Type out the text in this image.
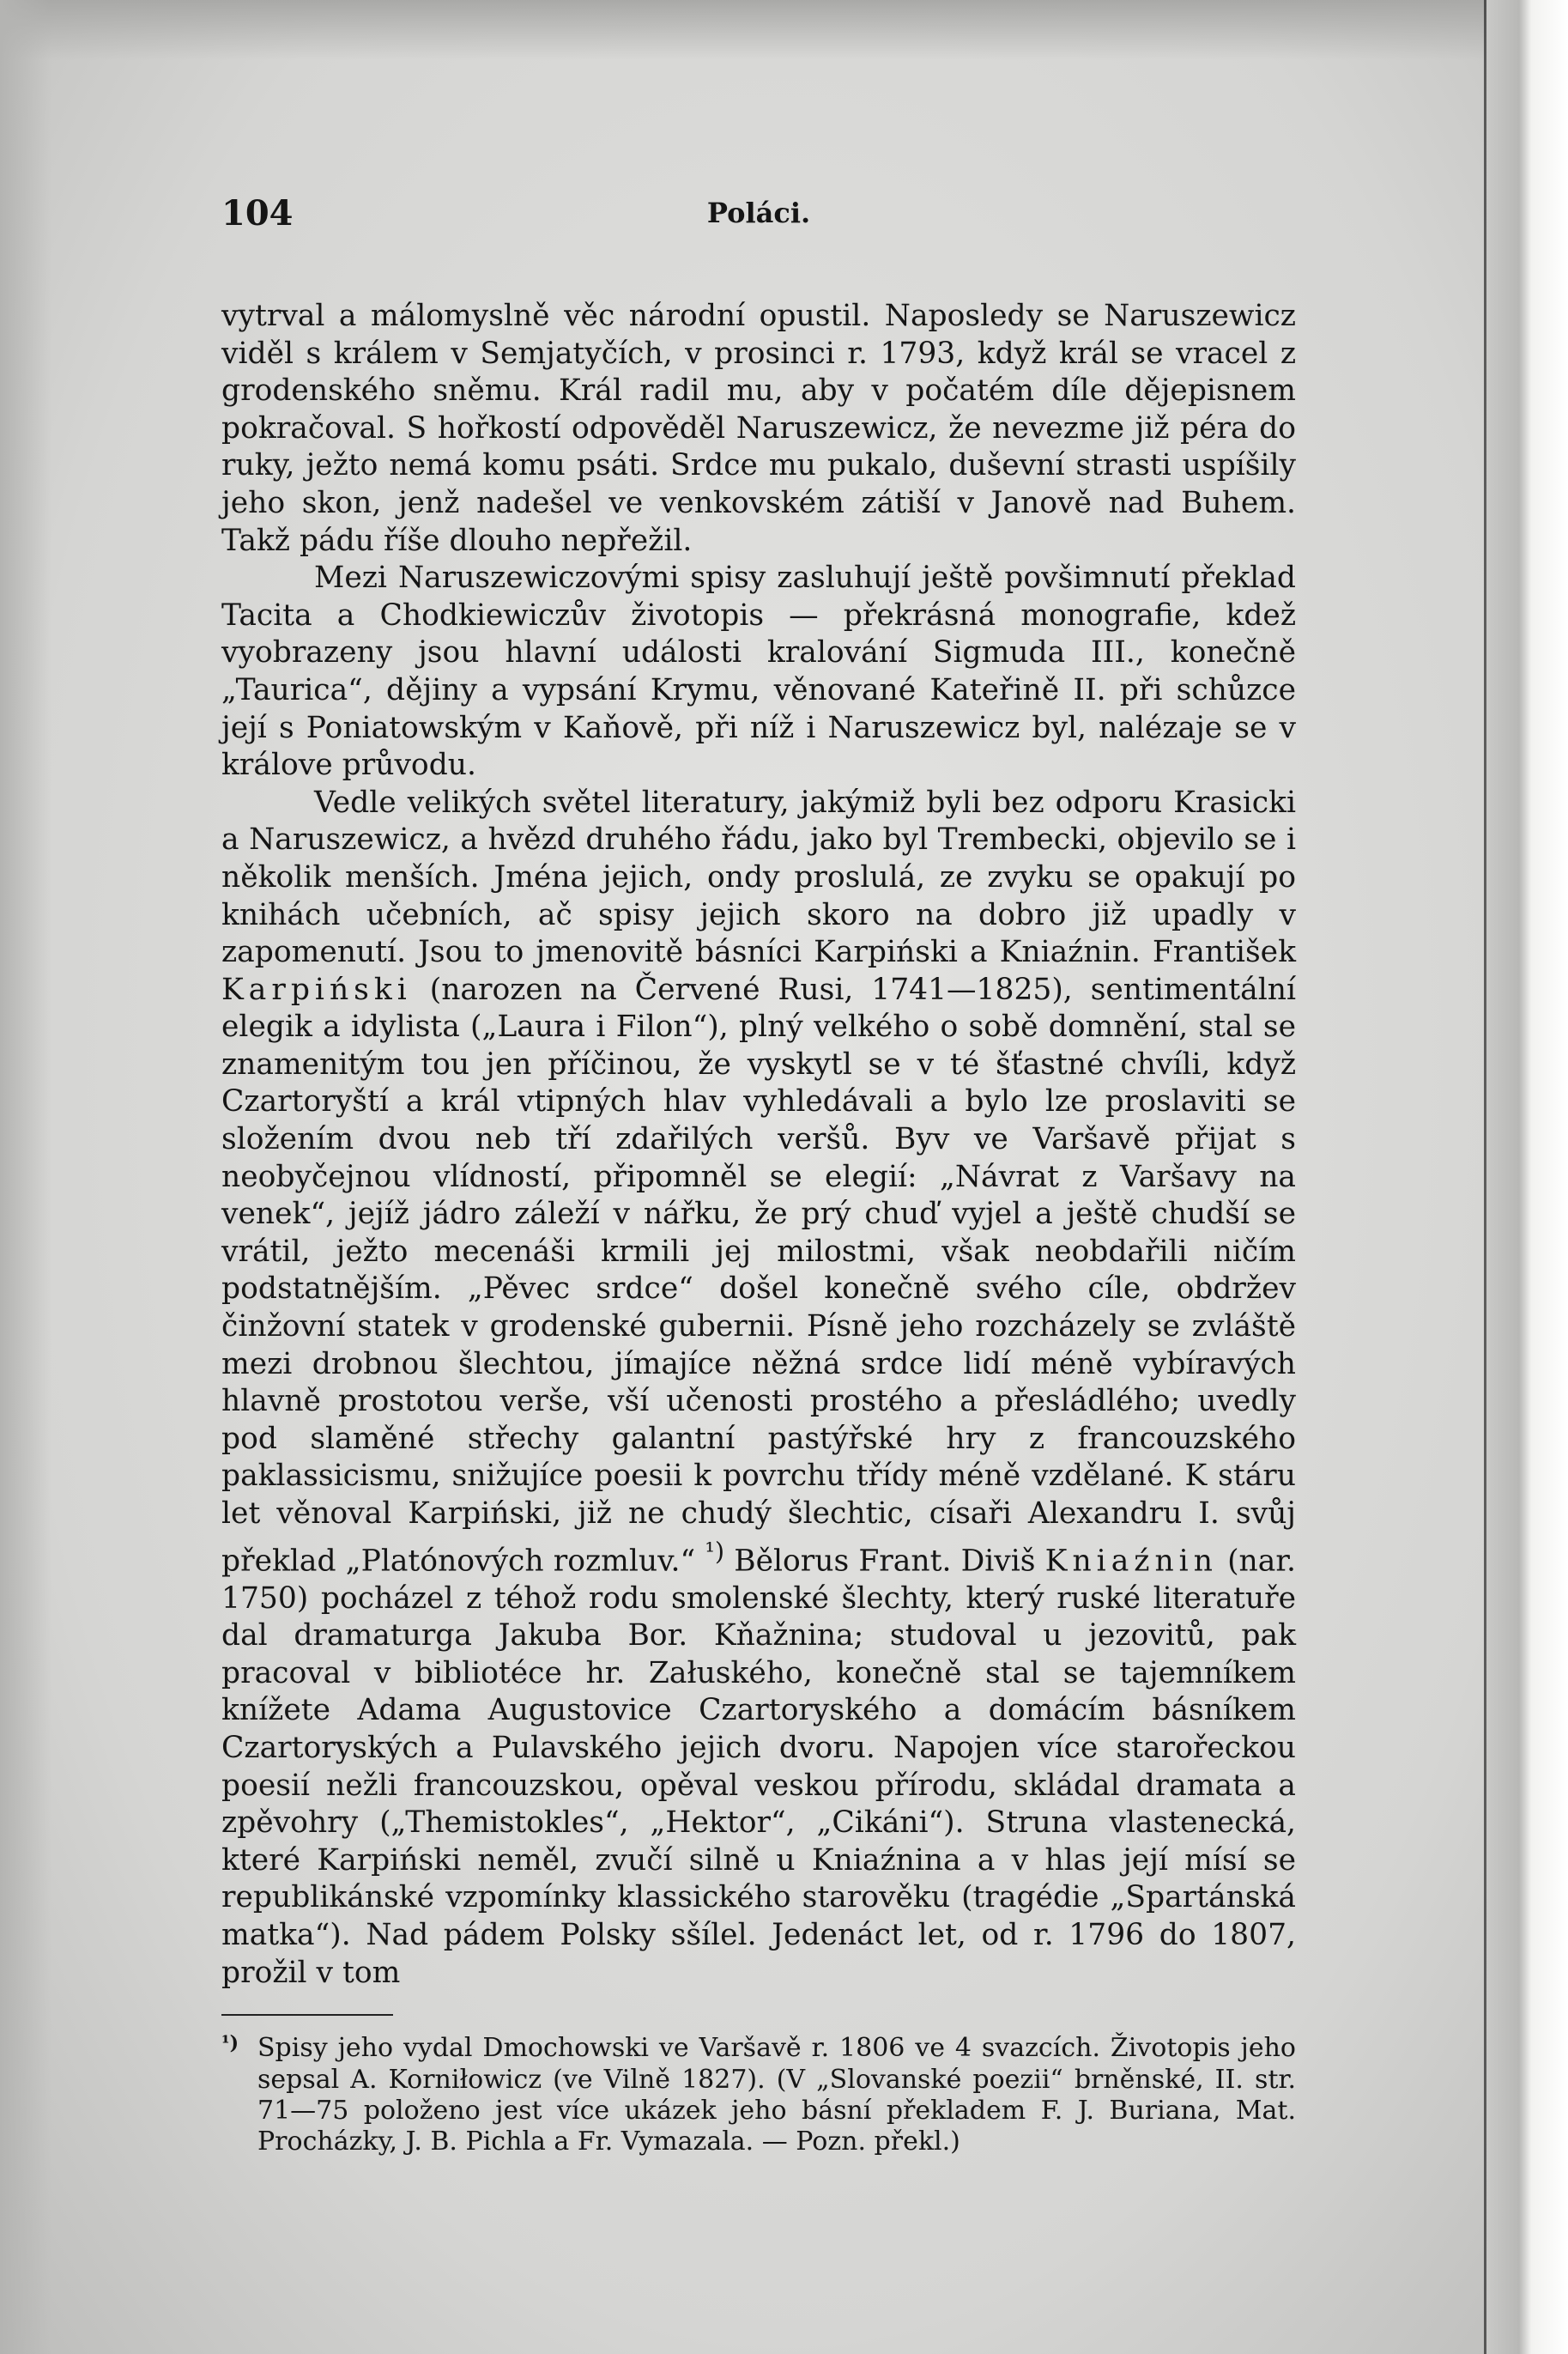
104	Poláci.

vytrval a málomyslně věc národní opustil. Naposledy se Naruszewicz viděl s králem v Semjatyčích, v prosinci r. 1793, když král se vracel z grodenského sněmu. Král radil mu, aby v počatém díle dějepisnem pokračoval. S hořkostí odpověděl Naruszewicz, že nevezme již péra do ruky, ježto nemá komu psáti. Srdce mu pukalo, duševní strasti uspíšily jeho skon, jenž nadešel ve venkovském zátiší v Janově nad Buhem. Takž pádu říše dlouho nepřežil.

Mezi Naruszewiczovými spisy zasluhují ještě povšimnutí překlad Tacita a Chodkiewiczův životopis — překrásná monografie, kdež vyobrazeny jsou hlavní události kralování Sigmuda III., konečně „Taurica“, dějiny a vypsání Krymu, věnované Kateřině II. při schůzce její s Poniatowským v Kaňově, při níž i Naruszewicz byl, nalézaje se v králove průvodu.

Vedle velikých světel literatury, jakýmiž byli bez odporu Krasicki a Naruszewicz, a hvězd druhého řádu, jako byl Trembecki, objevilo se i několik menších. Jména jejich, ondy proslulá, ze zvyku se opakují po knihách učebních, ač spisy jejich skoro na dobro již upadly v zapomenutí. Jsou to jmenovitě básníci Karpiński a Kniaźnin. František Karpiński (narozen na Červené Rusi, 1741—1825), sentimentální elegik a idylista („Laura i Filon“), plný velkého o sobě domnění, stal se znamenitým tou jen příčinou, že vyskytl se v té šťastné chvíli, když Czartoryští a král vtipných hlav vyhledávali a bylo lze proslaviti se složením dvou neb tří zdařilých veršů. Byv ve Varšavě přijat s neobyčejnou vlídností, připomněl se elegií: „Návrat z Varšavy na venek“, jejíž jádro záleží v nářku, že prý chuď vyjel a ještě chudší se vrátil, ježto mecenáši krmili jej milostmi, však neobdařili ničím podstatnějším. „Pěvec srdce“ došel konečně svého cíle, obdržev činžovní statek v grodenské gubernii. Písně jeho rozcházely se zvláště mezi drobnou šlechtou, jímajíce něžná srdce lidí méně vybíravých hlavně prostotou verše, vší učenosti prostého a přesládlého; uvedly pod slaměné střechy galantní pastýřské hry z francouzského paklassicismu, snižujíce poesii k povrchu třídy méně vzdělané. K stáru let věnoval Karpiński, již ne chudý šlechtic, císaři Alexandru I. svůj překlad „Platónových rozmluv.“ $^{^1)}$ Bělorus Frant. Diviš Kniaźnin (nar. 1750) pocházel z téhož rodu smolenské šlechty, který ruské literatuře dal dramaturga Jakuba Bor. Kňažnina; studoval u jezovitů, pak pracoval v bibliotéce hr. Załuského, konečně stal se tajemníkem knížete Adama Augustovice Czartoryského a domácím básníkem Czartoryských a Pulavského jejich dvoru. Napojen více starořeckou poesií nežli francouzskou, opěval veskou přírodu, skládal dramata a zpěvohry („Themistokles“, „Hektor“, „Cikáni“). Struna vlastenecká, které Karpiński neměl, zvučí silně u Kniaźnina a v hlas její mísí se republikánské vzpomínky klassického starověku (tragédie „Spartánská matka“). Nad pádem Polsky sšílel. Jedenáct let, od r. 1796 do 1807, prožil v tom

¹) Spisy jeho vydal Dmochowski ve Varšavě r. 1806 ve 4 svazcích. Životopis jeho sepsal A. Korniłowicz (ve Vilně 1827). (V „Slovanské poezii“ brněnské, II. str. 71—75 položeno jest více ukázek jeho básní překladem F. J. Buriana, Mat. Procházky, J. B. Pichla a Fr. Vymazala. — Pozn. překl.)
